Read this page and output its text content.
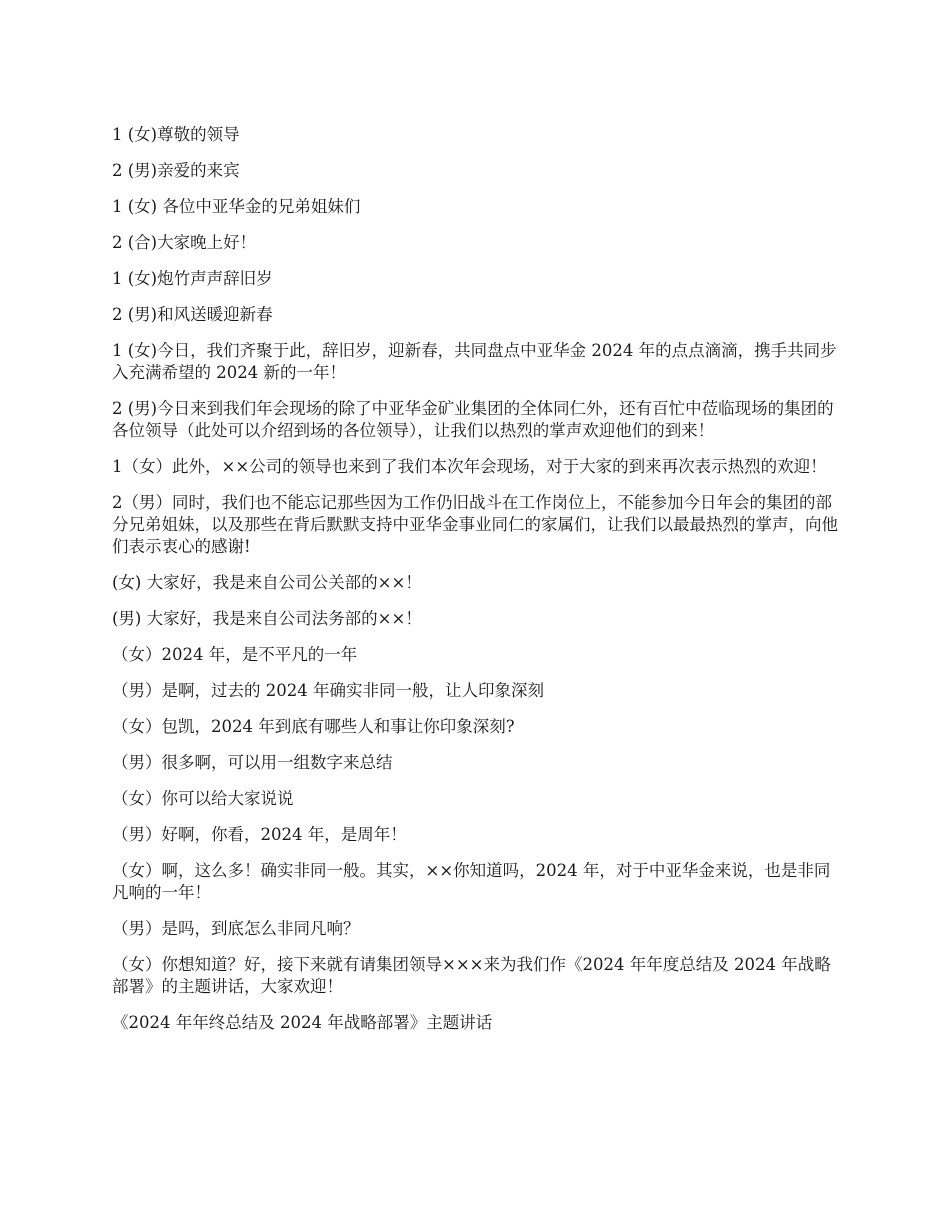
1 (女)尊敬的领导

2 (男)亲爱的来宾

1 (女) 各位中亚华金的兄弟姐妹们

2 (合)大家晚上好！

1 (女)炮竹声声辞旧岁

2 (男)和风送暖迎新春

1 (女)今日，我们齐聚于此，辞旧岁，迎新春，共同盘点中亚华金 2024 年的点点滴滴，携手共同步入充满希望的 2024 新的一年！

2 (男)今日来到我们年会现场的除了中亚华金矿业集团的全体同仁外，还有百忙中莅临现场的集团的各位领导（此处可以介绍到场的各位领导），让我们以热烈的掌声欢迎他们的到来！

1（女）此外，××公司的领导也来到了我们本次年会现场，对于大家的到来再次表示热烈的欢迎！

2（男）同时，我们也不能忘记那些因为工作仍旧战斗在工作岗位上，不能参加今日年会的集团的部分兄弟姐妹，以及那些在背后默默支持中亚华金事业同仁的家属们，让我们以最最热烈的掌声，向他们表示衷心的感谢!

(女) 大家好，我是来自公司公关部的××！

(男) 大家好，我是来自公司法务部的××！

（女）2024 年，是不平凡的一年

（男）是啊，过去的 2024 年确实非同一般，让人印象深刻

（女）包凯，2024 年到底有哪些人和事让你印象深刻?

（男）很多啊，可以用一组数字来总结

（女）你可以给大家说说

（男）好啊，你看，2024 年，是周年！

（女）啊，这么多！确实非同一般。其实，××你知道吗，2024 年，对于中亚华金来说，也是非同凡响的一年！

（男）是吗，到底怎么非同凡响？

（女）你想知道？好，接下来就有请集团领导×××来为我们作《2024 年年度总结及 2024 年战略部署》的主题讲话，大家欢迎！

《2024 年年终总结及 2024 年战略部署》主题讲话
